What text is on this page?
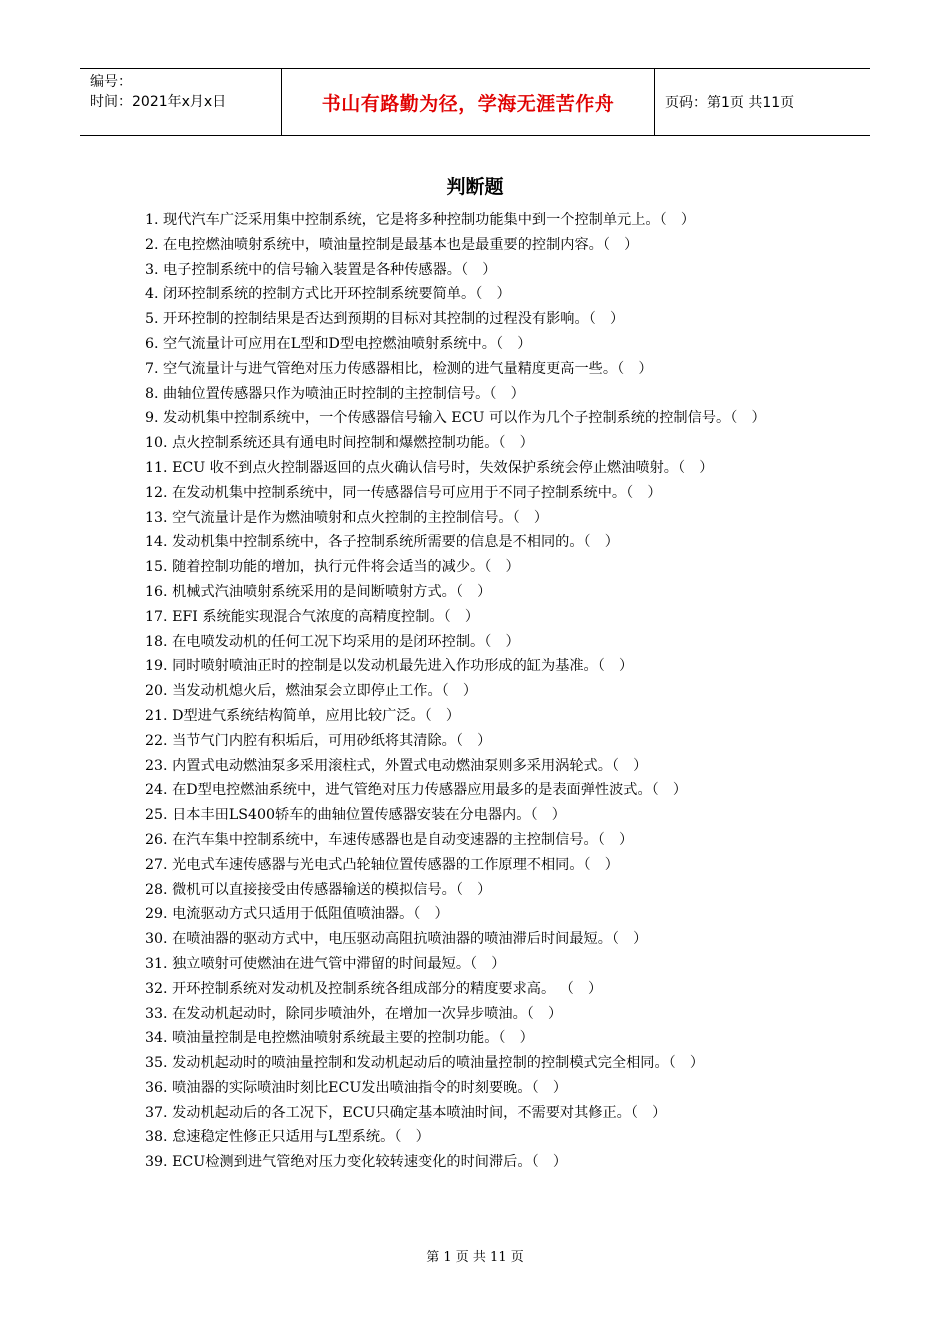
编号：
时间：2021年x月x日	书山有路勤为径，学海无涯苦作舟	页码：第1页 共11页
判断题
1. 现代汽车广泛采用集中控制系统，它是将多种控制功能集中到一个控制单元上。（　）
2. 在电控燃油喷射系统中，喷油量控制是最基本也是最重要的控制内容。（　）
3. 电子控制系统中的信号输入装置是各种传感器。（　）
4. 闭环控制系统的控制方式比开环控制系统要简单。（　）
5. 开环控制的控制结果是否达到预期的目标对其控制的过程没有影响。（　）
6. 空气流量计可应用在L型和D型电控燃油喷射系统中。（　）
7. 空气流量计与进气管绝对压力传感器相比，检测的进气量精度更高一些。（　）
8. 曲轴位置传感器只作为喷油正时控制的主控制信号。（　）
9. 发动机集中控制系统中，一个传感器信号输入 ECU 可以作为几个子控制系统的控制信号。（　）
10. 点火控制系统还具有通电时间控制和爆燃控制功能。（　）
11. ECU 收不到点火控制器返回的点火确认信号时，失效保护系统会停止燃油喷射。（　）
12. 在发动机集中控制系统中，同一传感器信号可应用于不同子控制系统中。（　）
13. 空气流量计是作为燃油喷射和点火控制的主控制信号。（　）
14. 发动机集中控制系统中，各子控制系统所需要的信息是不相同的。（　）
15. 随着控制功能的增加，执行元件将会适当的减少。（　）
16. 机械式汽油喷射系统采用的是间断喷射方式。（　）
17. EFI 系统能实现混合气浓度的高精度控制。（　）
18. 在电喷发动机的任何工况下均采用的是闭环控制。（　）
19. 同时喷射喷油正时的控制是以发动机最先进入作功形成的缸为基准。（　）
20. 当发动机熄火后，燃油泵会立即停止工作。（　）
21. D型进气系统结构简单，应用比较广泛。（　）
22. 当节气门内腔有积垢后，可用砂纸将其清除。（　）
23. 内置式电动燃油泵多采用滚柱式，外置式电动燃油泵则多采用涡轮式。（　）
24. 在D型电控燃油系统中，进气管绝对压力传感器应用最多的是表面弹性波式。（　）
25. 日本丰田LS400轿车的曲轴位置传感器安装在分电器内。（　）
26. 在汽车集中控制系统中，车速传感器也是自动变速器的主控制信号。（　）
27. 光电式车速传感器与光电式凸轮轴位置传感器的工作原理不相同。（　）
28. 微机可以直接接受由传感器输送的模拟信号。（　）
29. 电流驱动方式只适用于低阻值喷油器。（　）
30. 在喷油器的驱动方式中，电压驱动高阻抗喷油器的喷油滞后时间最短。（　）
31. 独立喷射可使燃油在进气管中滞留的时间最短。（　）
32. 开环控制系统对发动机及控制系统各组成部分的精度要求高。 （　）
33. 在发动机起动时，除同步喷油外，在增加一次异步喷油。（　）
34. 喷油量控制是电控燃油喷射系统最主要的控制功能。（　）
35. 发动机起动时的喷油量控制和发动机起动后的喷油量控制的控制模式完全相同。（　）
36. 喷油器的实际喷油时刻比ECU发出喷油指令的时刻要晚。（　）
37. 发动机起动后的各工况下，ECU只确定基本喷油时间，不需要对其修正。（　）
38. 怠速稳定性修正只适用与L型系统。（　）
39. ECU检测到进气管绝对压力变化较转速变化的时间滞后。（　）
第 1 页 共 11 页
